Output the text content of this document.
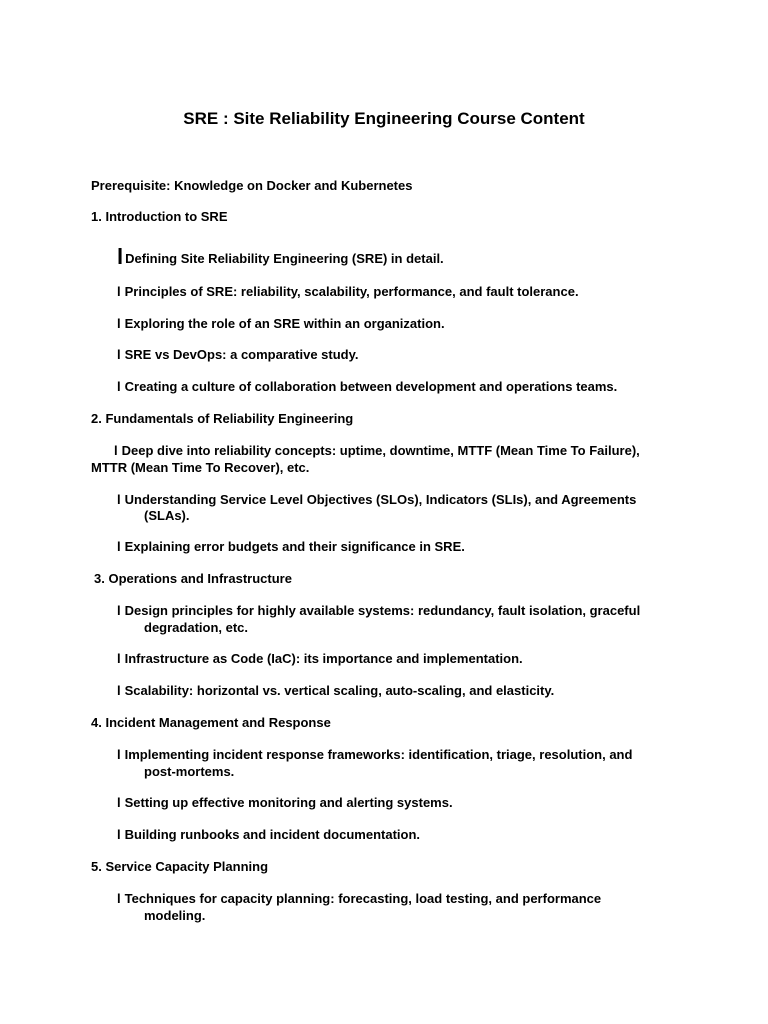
SRE : Site Reliability Engineering Course Content
Prerequisite: Knowledge on Docker and Kubernetes
1. Introduction to SRE
l Defining Site Reliability Engineering (SRE) in detail.
l Principles of SRE: reliability, scalability, performance, and fault tolerance.
l Exploring the role of an SRE within an organization.
l SRE vs DevOps: a comparative study.
l Creating a culture of collaboration between development and operations teams.
2. Fundamentals of Reliability Engineering
l Deep dive into reliability concepts: uptime, downtime, MTTF (Mean Time To Failure),
MTTR (Mean Time To Recover), etc.
l Understanding Service Level Objectives (SLOs), Indicators (SLIs), and Agreements
(SLAs).
l Explaining error budgets and their significance in SRE.
3. Operations and Infrastructure
l Design principles for highly available systems: redundancy, fault isolation, graceful
degradation, etc.
l Infrastructure as Code (IaC): its importance and implementation.
l Scalability: horizontal vs. vertical scaling, auto-scaling, and elasticity.
4. Incident Management and Response
l Implementing incident response frameworks: identification, triage, resolution, and
post-mortems.
l Setting up effective monitoring and alerting systems.
l Building runbooks and incident documentation.
5. Service Capacity Planning
l Techniques for capacity planning: forecasting, load testing, and performance
modeling.
